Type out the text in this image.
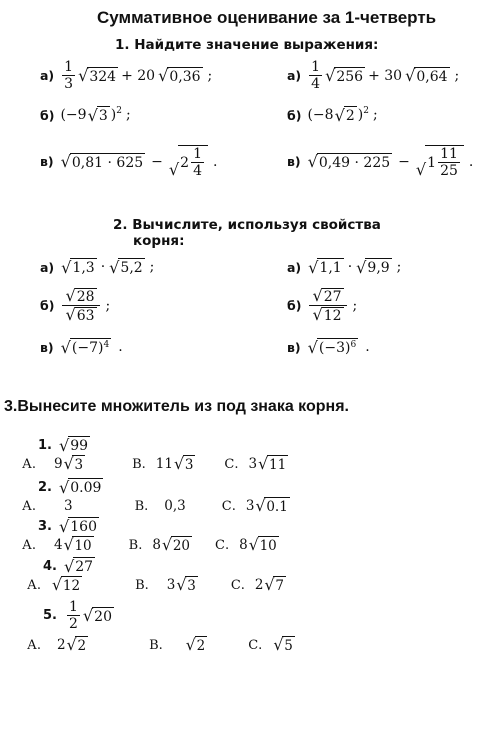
Суммативное оценивание за 1-четверть
1. Найдите значение выражения:
$а) \frac{1}{3}$ √ 324 + 20 √ 0,36 ;	$а) \frac{1}{4}$ √ 256 + 30 √ 0,64 ;
б) (−9 √ 3 )$^2$ ;	б) (−8 √ 2 )$^2$ ;
в) √ 0,81 · 625 − √ $2 \frac{1}{4}$ .	в) √ 0,49 · 225 − √ $1 \frac{11}{25}$ .
2. Вычислите, используя свойства
корня:
а) √ 1,3 · √ 5,2 ;	а) √ 1,1 · √ 9,9 ;
$б) \frac{√ 28}{√ 63}$ ;	$б) \frac{√ 27}{√ 12}$ ;
в) √ $(-7)^4$ .	в) √ $(-3)^6$ .
3.Вынесите множитель из под знака корня.
1. √ 99
А. 9 √ 3	В. 11 √ 3 С. 3 √ 11
2. √ 0.09
А. 3	В. 0,3	С. 3 √ 0.1
3. √ 160
А. 4 √ 10	В. 8 √ 20 С. 8 √ 10
4. √ 27
А. √ 12	В. 3 √ 3	С. 2 √ 7
5. $\frac{1}{2}$ √ 20
А. 2 √ 2	В. √ 2	С. √ 5
